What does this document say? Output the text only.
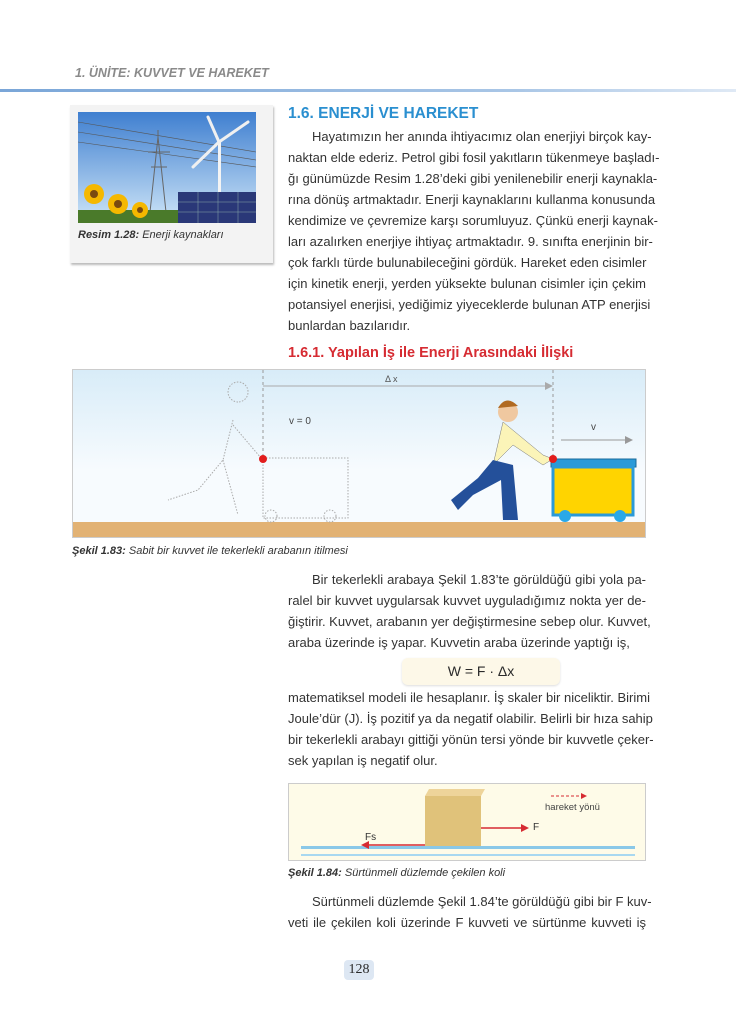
1. ÜNİTE: KUVVET VE HAREKET
Resim 1.28: Enerji kaynakları
1.6. ENERJİ VE HAREKET
Hayatımızın her anında ihtiyacımız olan enerjiyi birçok kay-
naktan elde ederiz. Petrol gibi fosil yakıtların tükenmeye başladı-
ğı günümüzde Resim 1.28’deki gibi yenilenebilir enerji kaynakla-
rına dönüş artmaktadır. Enerji kaynaklarını kullanma konusunda
kendimize ve çevremize karşı sorumluyuz. Çünkü enerji kaynak-
ları azalırken enerjiye ihtiyaç artmaktadır. 9. sınıfta enerjinin bir-
çok farklı türde bulunabileceğini gördük. Hareket eden cisimler
için kinetik enerji, yerden yüksekte bulunan cisimler için çekim
potansiyel enerjisi, yediğimiz yiyeceklerde bulunan ATP enerjisi
bunlardan bazılarıdır.
1.6.1. Yapılan İş ile Enerji Arasındaki İlişki
Δ x
v = 0
v
Şekil 1.83: Sabit bir kuvvet ile tekerlekli arabanın itilmesi
Bir tekerlekli arabaya Şekil 1.83’te görüldüğü gibi yola pa-
ralel bir kuvvet uygularsak kuvvet uyguladığımız nokta yer de-
ğiştirir. Kuvvet, arabanın yer değiştirmesine sebep olur. Kuvvet,
araba üzerinde iş yapar. Kuvvetin araba üzerinde yaptığı iş,
W = F · Δx
matematiksel modeli ile hesaplanır. İş skaler bir niceliktir. Birimi
Joule’dür (J). İş pozitif ya da negatif olabilir. Belirli bir hıza sahip
bir tekerlekli arabayı gittiği yönün tersi yönde bir kuvvetle çeker-
sek yapılan iş negatif olur.
hareket yönü
F
Fs
Şekil 1.84: Sürtünmeli düzlemde çekilen koli
Sürtünmeli düzlemde Şekil 1.84’te görüldüğü gibi bir F kuv-
veti ile çekilen koli üzerinde F kuvveti ve sürtünme kuvveti iş
128
